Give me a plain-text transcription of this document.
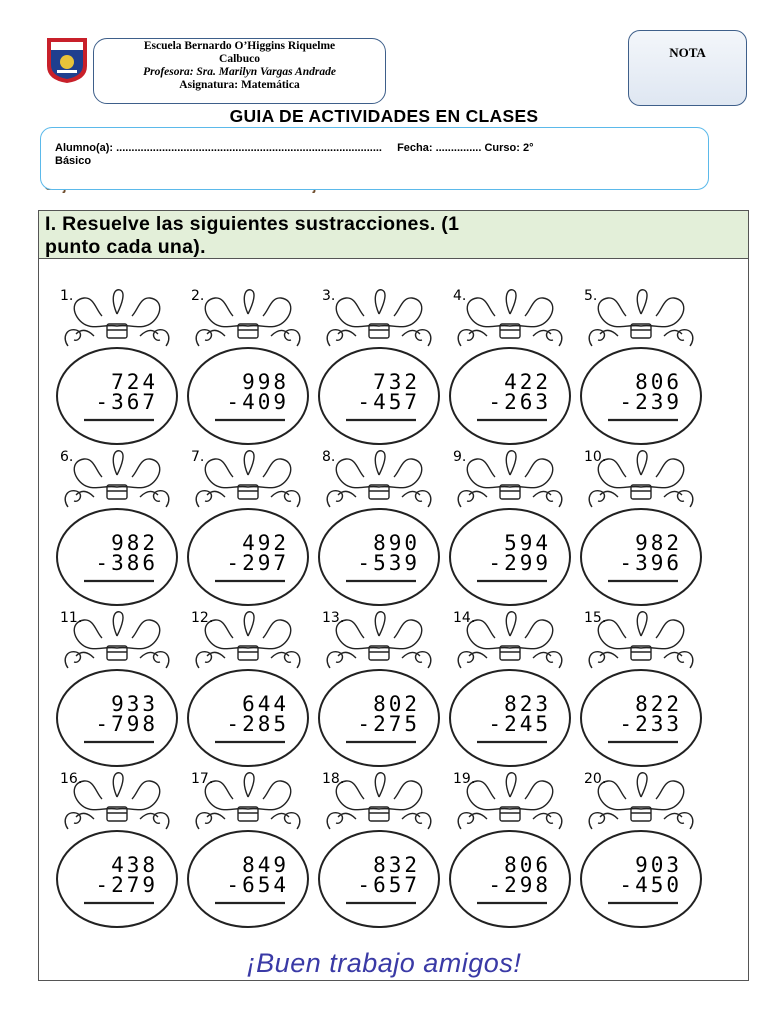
Escuela Bernardo O’Higgins Riquelme
Calbuco
Profesora: Sra. Marilyn Vargas Andrade
Asignatura: Matemática
NOTA
GUIA DE ACTIVIDADES EN CLASES
Alumno(a): ....................................................................................... Fecha: ............... Curso: 2°
Básico
I. Resuelve las siguientes sustracciones. (1
punto cada una).
1.
724
-367
2.
998
-409
3.
732
-457
4.
422
-263
5.
806
-239
6.
982
-386
7.
492
-297
8.
890
-539
9.
594
-299
10.
982
-396
11.
933
-798
12.
644
-285
13.
802
-275
14.
823
-245
15.
822
-233
16.
438
-279
17.
849
-654
18.
832
-657
19.
806
-298
20.
903
-450
¡Buen trabajo amigos!
